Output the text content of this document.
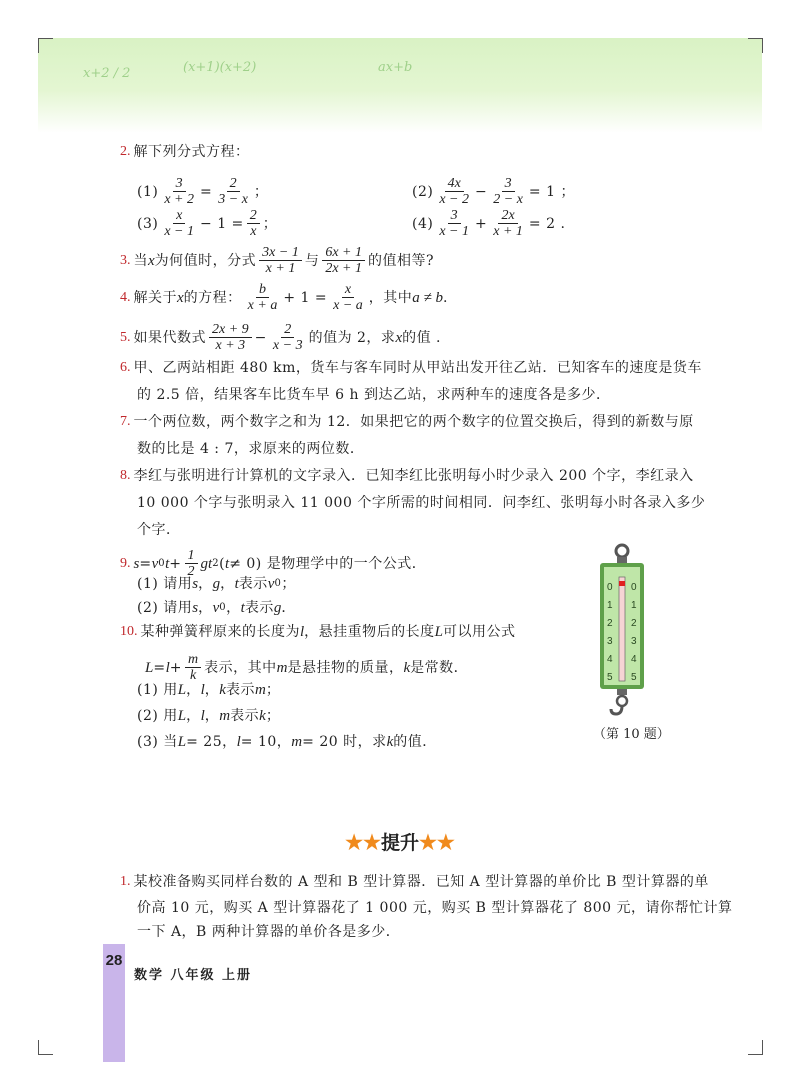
x+2 / 2	(x+1)(x+2)	ax+b
2. 解下列分式方程：
$(1) \frac{3}{x + 2} = \frac{2}{3 - x}$ ；	$(2) \frac{4x}{x - 2} - \frac{3}{2 - x} = 1$ ；
$(3) \frac{x}{x - 1} - 1 = \frac{2}{x}$ ；	$(4) \frac{3}{x - 1} + \frac{2x}{x + 1} = 2$ .
3. 当 x 为何值时，分式 $\frac{3x - 1}{x + 1}$ 与 $\frac{6x + 1}{2x + 1}$ 的值相等?
4. 解关于 x 的方程： $\frac{b}{x + a} + 1 = \frac{x}{x - a}$ ，其中 a ≠ b .
5. 如果代数式 $\frac{2x + 9}{x + 3} - \frac{2}{x - 3}$ 的值为 2，求 x 的值 .
6. 甲、乙两站相距 480 km，货车与客车同时从甲站出发开往乙站．已知客车的速度是货车
的 2.5 倍，结果客车比货车早 6 h 到达乙站，求两种车的速度各是多少．
7. 一个两位数，两个数字之和为 12．如果把它的两个数字的位置交换后，得到的新数与原
数的比是 4 : 7，求原来的两位数．
8. 李红与张明进行计算机的文字录入．已知李红比张明每小时少录入 200 个字，李红录入
10 000 个字与张明录入 11 000 个字所需的时间相同．问李红、张明每小时各录入多少
个字．
9. s = v 0 $t + \frac{1}{2}$ gt 2 ( t ≠ 0) 是物理学中的一个公式．
(1) 请用 s ， g ， t 表示 v 0 ；
(2) 请用 s ， v 0 ， t 表示 g ．
10. 某种弹簧秤原来的长度为 l ，悬挂重物后的长度 L 可以用公式
$L = l + \frac{m}{k}$ 表示，其中 m 是悬挂物的质量， k 是常数．
(1) 用 L ， l ， k 表示 m ；
(2) 用 L ， l ， m 表示 k ；
(3) 当 L = 25， l = 10， m = 20 时，求 k 的值．
1. 某校准备购买同样台数的 A 型和 B 型计算器．已知 A 型计算器的单价比 B 型计算器的单
价高 10 元，购买 A 型计算器花了 1 000 元，购买 B 型计算器花了 800 元，请你帮忙计算
一下 A，B 两种计算器的单价各是多少．
0 0
1 1
2 2
3 3
4 4
5 5
（第 10 题）
★★提升★★
28
数学 八年级 上册
